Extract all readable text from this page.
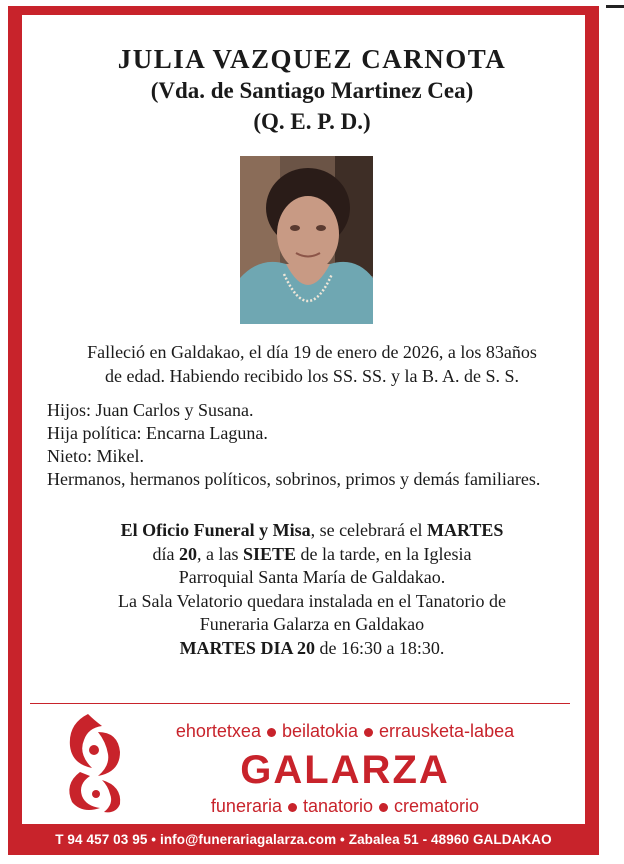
JULIA VAZQUEZ CARNOTA
(Vda. de Santiago Martinez Cea)
(Q. E. P. D.)
Falleció en Galdakao, el día 19 de enero de 2026, a los 83años
de edad. Habiendo recibido los SS. SS. y la B. A. de S. S.
Hijos: Juan Carlos y Susana.
Hija política: Encarna Laguna.
Nieto: Mikel.
Hermanos, hermanos políticos, sobrinos, primos y demás familiares.
El Oficio Funeral y Misa, se celebrará el MARTES
día 20, a las SIETE de la tarde, en la Iglesia
Parroquial Santa María de Galdakao.
La Sala Velatorio quedara instalada en el Tanatorio de
Funeraria Galarza en Galdakao
MARTES DIA 20 de 16:30 a 18:30.
ehortetxea beilatokia errausketa-labea
GALARZA
funeraria tanatorio crematorio
T 94 457 03 95 • info@funerariagalarza.com • Zabalea 51 - 48960 GALDAKAO
